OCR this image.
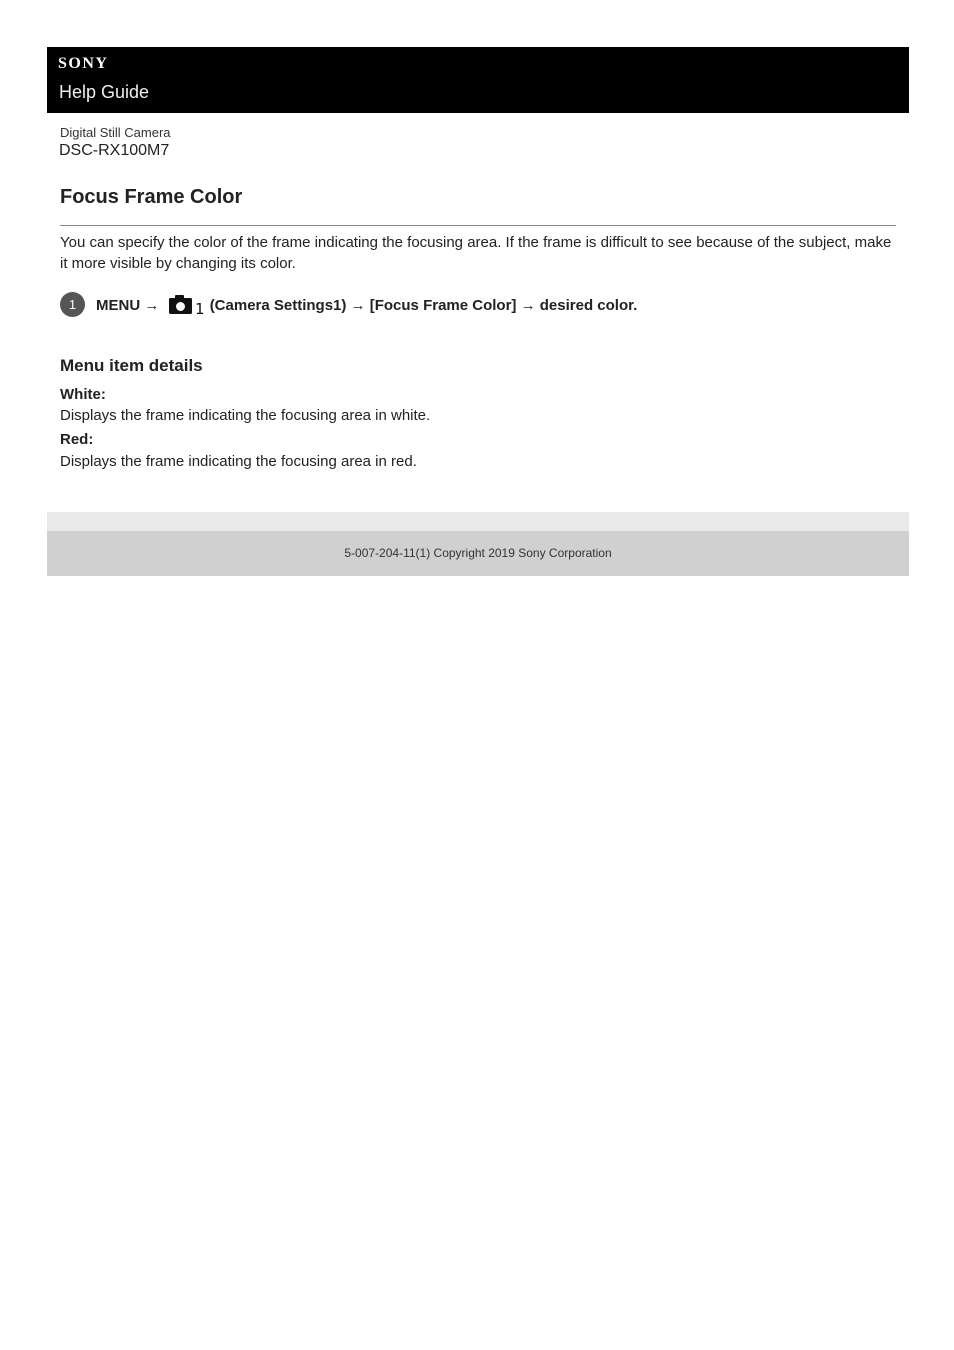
SONY
Help Guide
Digital Still Camera
DSC-RX100M7
Focus Frame Color

You can specify the color of the frame indicating the focusing area. If the frame is difficult to see because of the subject, make it more visible by changing its color.

1	MENU → 1 (Camera Settings1) → [Focus Frame Color] → desired color.
Menu item details
White:
Displays the frame indicating the focusing area in white.
Red:
Displays the frame indicating the focusing area in red.
5-007-204-11(1) Copyright 2019 Sony Corporation
